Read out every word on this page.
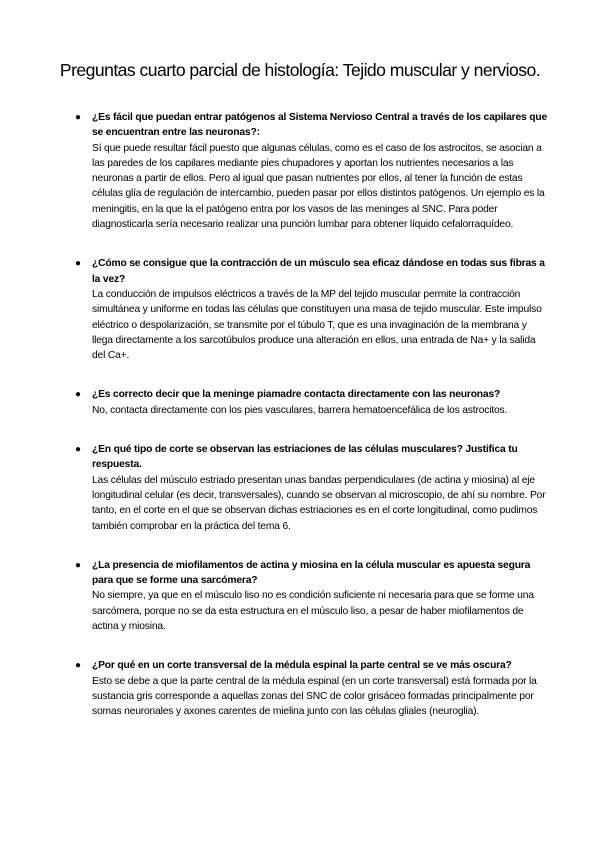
Preguntas cuarto parcial de histología: Tejido muscular y nervioso.
● ¿Es fácil que puedan entrar patógenos al Sistema Nervioso Central a través de los capilares que se encuentran entre las neuronas?:

Sí que puede resultar fácil puesto que algunas células, como es el caso de los astrocitos, se asocian a las paredes de los capilares mediante pies chupadores y aportan los nutrientes necesarios a las neuronas a partir de ellos. Pero al igual que pasan nutrientes por ellos, al tener la función de estas células glía de regulación de intercambio, pueden pasar por ellos distintos patógenos. Un ejemplo es la meningitis, en la que la el patógeno entra por los vasos de las meninges al SNC. Para poder diagnosticarla sería necesario realizar una punción lumbar para obtener líquido cefalorraquídeo.

● ¿Cómo se consigue que la contracción de un músculo sea eficaz dándose en todas sus fibras a la vez?

La conducción de impulsos eléctricos a través de la MP del tejido muscular permite la contracción simultánea y uniforme en todas las células que constituyen una masa de tejido muscular. Este impulso eléctrico o despolarización, se transmite por el túbulo T, que es una invaginación de la membrana y llega directamente a los sarcotúbulos produce una alteración en ellos, una entrada de Na+ y la salida del Ca+.

● ¿Es correcto decir que la meninge piamadre contacta directamente con las neuronas?

No, contacta directamente con los pies vasculares, barrera hematoencefálica de los astrocitos.

● ¿En qué tipo de corte se observan las estriaciones de las células musculares? Justifica tu respuesta.

Las células del músculo estriado presentan unas bandas perpendiculares (de actina y miosina) al eje longitudinal celular (es decir, transversales), cuando se observan al microscopio, de ahí su nombre. Por tanto, en el corte en el que se observan dichas estriaciones es en el corte longitudinal, como pudimos también comprobar en la práctica del tema 6.

● ¿La presencia de miofilamentos de actina y miosina en la célula muscular es apuesta segura para que se forme una sarcómera?

No siempre, ya que en el músculo liso no es condición suficiente ni necesaria para que se forme una sarcómera, porque no se da esta estructura en el músculo liso, a pesar de haber miofilamentos de actina y miosina.

● ¿Por qué en un corte transversal de la médula espinal la parte central se ve más oscura?

Esto se debe a que la parte central de la médula espinal (en un corte transversal) está formada por la sustancia gris corresponde a aquellas zonas del SNC de color grisáceo formadas principalmente por somas neuronales y axones carentes de mielina junto con las células gliales (neuroglia).
